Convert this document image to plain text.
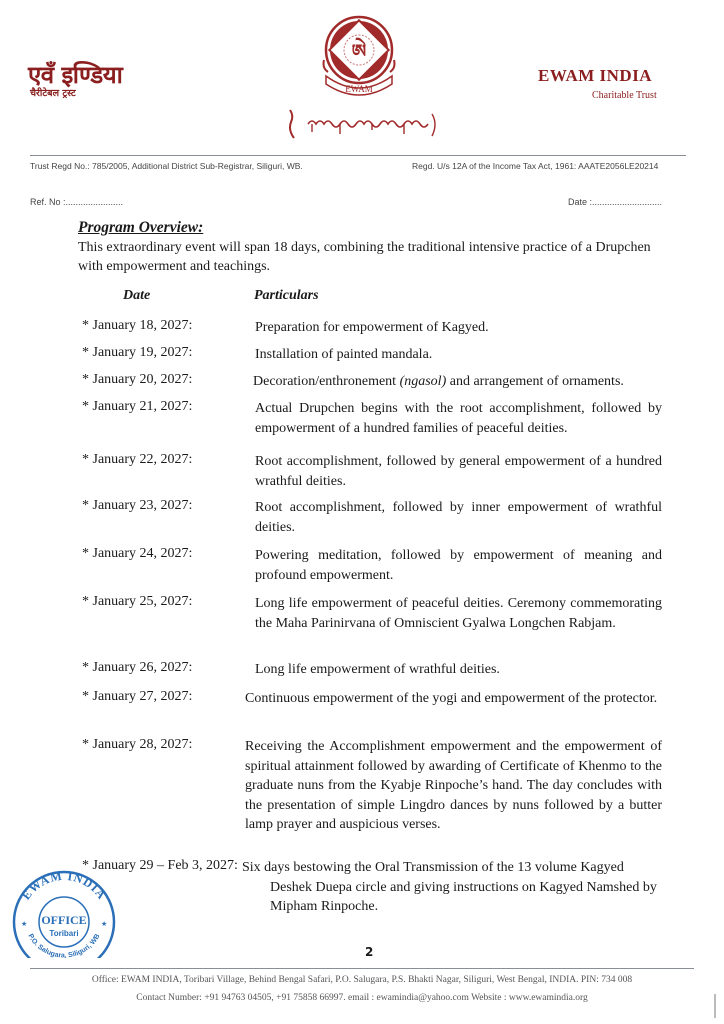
एवँ इण्डिया
चैरीटेबल ट्रस्ट
ཨེ
EWAM
EWAM INDIA
Charitable Trust
Trust Regd No.: 785/2005, Additional District Sub-Registrar, Siliguri, WB.	Regd. U/s 12A of the Income Tax Act, 1961: AAATE2056LE20214
Ref. No :.......................	Date :............................
Program Overview:
This extraordinary event will span 18 days, combining the traditional intensive practice of a Drupchen with empowerment and teachings.
Date	Particulars
* January 18, 2027:	Preparation for empowerment of Kagyed.
* January 19, 2027:	Installation of painted mandala.
* January 20, 2027:	Decoration/enthronement (ngasol) and arrangement of ornaments.
* January 21, 2027:	Actual Drupchen begins with the root accomplishment, followed by empowerment of a hundred families of peaceful deities.
* January 22, 2027:	Root accomplishment, followed by general empowerment of a hundred wrathful deities.
* January 23, 2027:	Root accomplishment, followed by inner empowerment of wrathful deities.
* January 24, 2027:	Powering meditation, followed by empowerment of meaning and profound empowerment.
* January 25, 2027:	Long life empowerment of peaceful deities. Ceremony commemorating the Maha Parinirvana of Omniscient Gyalwa Longchen Rabjam.
* January 26, 2027:	Long life empowerment of wrathful deities.
* January 27, 2027:	Continuous empowerment of the yogi and empowerment of the protector.
* January 28, 2027:	Receiving the Accomplishment empowerment and the empowerment of spiritual attainment followed by awarding of Certificate of Khenmo to the graduate nuns from the Kyabje Rinpoche’s hand. The day concludes with the presentation of simple Lingdro dances by nuns followed by a butter lamp prayer and auspicious verses.
* January 29 – Feb 3, 2027: Six days bestowing the Oral Transmission of the 13 volume Kagyed Deshek Duepa circle and giving instructions on Kagyed Namshed by Mipham Rinpoche.
EWAM INDIA
P.O. Salugara, Siliguri, WB
OFFICE
Toribari
★	★
2
Office: EWAM INDIA, Toribari Village, Behind Bengal Safari, P.O. Salugara, P.S. Bhakti Nagar, Siliguri, West Bengal, INDIA. PIN: 734 008
Contact Number: +91 94763 04505, +91 75858 66997. email : ewamindia@yahoo.com Website : www.ewamindia.org
